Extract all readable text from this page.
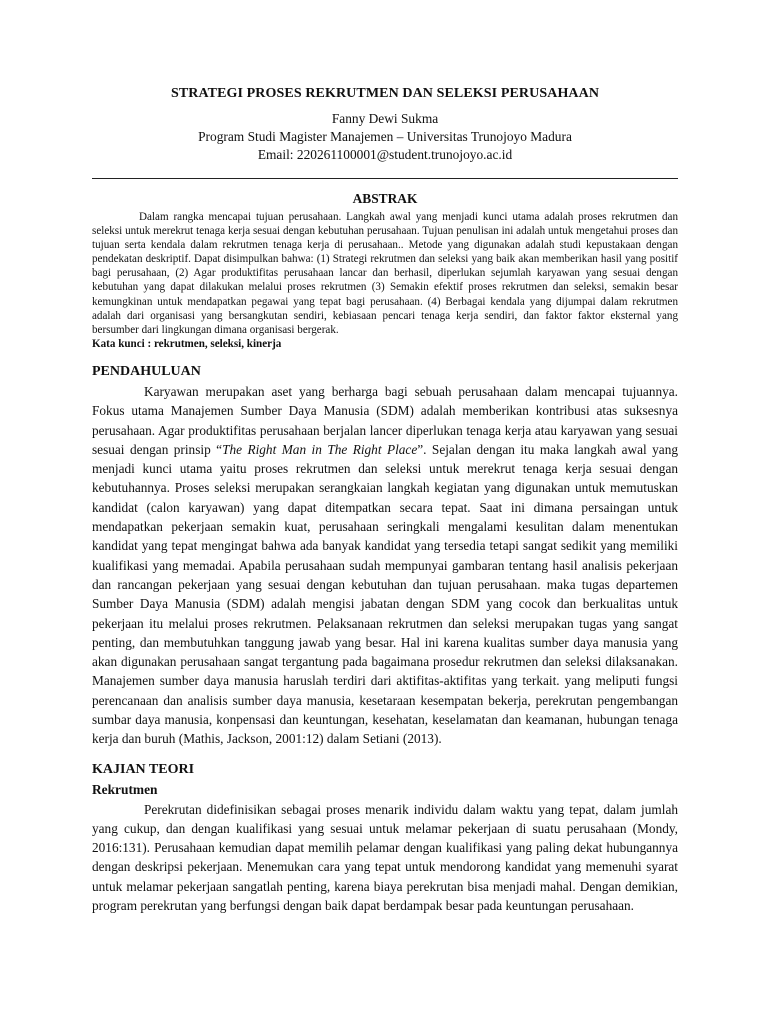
STRATEGI PROSES REKRUTMEN DAN SELEKSI PERUSAHAAN

Fanny Dewi Sukma

Program Studi Magister Manajemen – Universitas Trunojoyo Madura

Email: 220261100001@student.trunojoyo.ac.id

ABSTRAK

Dalam rangka mencapai tujuan perusahaan. Langkah awal yang menjadi kunci utama adalah proses rekrutmen dan seleksi untuk merekrut tenaga kerja sesuai dengan kebutuhan perusahaan. Tujuan penulisan ini adalah untuk mengetahui proses dan tujuan serta kendala dalam rekrutmen tenaga kerja di perusahaan.. Metode yang digunakan adalah studi kepustakaan dengan pendekatan deskriptif. Dapat disimpulkan bahwa: (1) Strategi rekrutmen dan seleksi yang baik akan memberikan hasil yang positif bagi perusahaan, (2) Agar produktifitas perusahaan lancar dan berhasil, diperlukan sejumlah karyawan yang sesuai dengan kebutuhan yang dapat dilakukan melalui proses rekrutmen (3) Semakin efektif proses rekrutmen dan seleksi, semakin besar kemungkinan untuk mendapatkan pegawai yang tepat bagi perusahaan. (4) Berbagai kendala yang dijumpai dalam rekrutmen adalah dari organisasi yang bersangkutan sendiri, kebiasaan pencari tenaga kerja sendiri, dan faktor faktor eksternal yang bersumber dari lingkungan dimana organisasi bergerak.

Kata kunci : rekrutmen, seleksi, kinerja

PENDAHULUAN

Karyawan merupakan aset yang berharga bagi sebuah perusahaan dalam mencapai tujuannya. Fokus utama Manajemen Sumber Daya Manusia (SDM) adalah memberikan kontribusi atas suksesnya perusahaan. Agar produktifitas perusahaan berjalan lancer diperlukan tenaga kerja atau karyawan yang sesuai sesuai dengan prinsip “The Right Man in The Right Place”. Sejalan dengan itu maka langkah awal yang menjadi kunci utama yaitu proses rekrutmen dan seleksi untuk merekrut tenaga kerja sesuai dengan kebutuhannya. Proses seleksi merupakan serangkaian langkah kegiatan yang digunakan untuk memutuskan kandidat (calon karyawan) yang dapat ditempatkan secara tepat. Saat ini dimana persaingan untuk mendapatkan pekerjaan semakin kuat, perusahaan seringkali mengalami kesulitan dalam menentukan kandidat yang tepat mengingat bahwa ada banyak kandidat yang tersedia tetapi sangat sedikit yang memiliki kualifikasi yang memadai. Apabila perusahaan sudah mempunyai gambaran tentang hasil analisis pekerjaan dan rancangan pekerjaan yang sesuai dengan kebutuhan dan tujuan perusahaan. maka tugas departemen Sumber Daya Manusia (SDM) adalah mengisi jabatan dengan SDM yang cocok dan berkualitas untuk pekerjaan itu melalui proses rekrutmen. Pelaksanaan rekrutmen dan seleksi merupakan tugas yang sangat penting, dan membutuhkan tanggung jawab yang besar. Hal ini karena kualitas sumber daya manusia yang akan digunakan perusahaan sangat tergantung pada bagaimana prosedur rekrutmen dan seleksi dilaksanakan. Manajemen sumber daya manusia haruslah terdiri dari aktifitas-aktifitas yang terkait. yang meliputi fungsi perencanaan dan analisis sumber daya manusia, kesetaraan kesempatan bekerja, perekrutan pengembangan sumbar daya manusia, konpensasi dan keuntungan, kesehatan, keselamatan dan keamanan, hubungan tenaga kerja dan buruh (Mathis, Jackson, 2001:12) dalam Setiani (2013).

KAJIAN TEORI
Rekrutmen

Perekrutan didefinisikan sebagai proses menarik individu dalam waktu yang tepat, dalam jumlah yang cukup, dan dengan kualifikasi yang sesuai untuk melamar pekerjaan di suatu perusahaan (Mondy, 2016:131). Perusahaan kemudian dapat memilih pelamar dengan kualifikasi yang paling dekat hubungannya dengan deskripsi pekerjaan. Menemukan cara yang tepat untuk mendorong kandidat yang memenuhi syarat untuk melamar pekerjaan sangatlah penting, karena biaya perekrutan bisa menjadi mahal. Dengan demikian, program perekrutan yang berfungsi dengan baik dapat berdampak besar pada keuntungan perusahaan.
